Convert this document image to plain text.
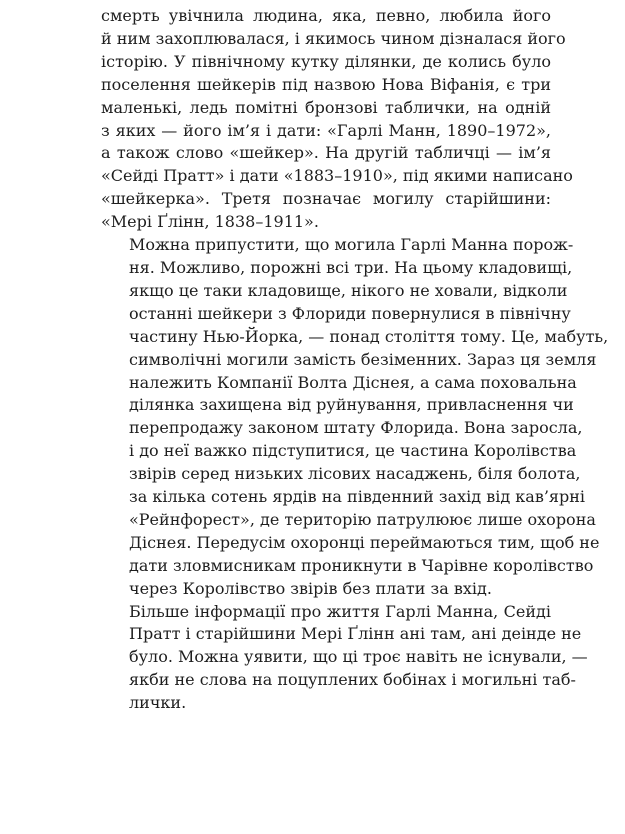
смерть увічнила людина, яка, певно, любила його
й ним захоплювалася, і якимось чином дізналася його
історію. У північному кутку ділянки, де колись було
поселення шейкерів під назвою Нова Віфанія, є три
маленькі, ледь помітні бронзові таблички, на одній
з яких — його ім’я і дати: «Гарлі Манн, 1890–1972»,
а також слово «шейкер». На другій табличці — ім’я
«Сейді Пратт» і дати «1883–1910», під якими написано
«шейкерка». Третя позначає могилу старійшини:
«Мері Ґлінн, 1838–1911».

Можна припустити, що могила Гарлі Манна порож-
ня. Можливо, порожні всі три. На цьому кладовищі,
якщо це таки кладовище, нікого не ховали, відколи
останні шейкери з Флориди повернулися в північну
частину Нью-Йорка, — понад століття тому. Це, мабуть,
символічні могили замість безіменних. Зараз ця земля
належить Компанії Волта Діснея, а сама поховальна
ділянка захищена від руйнування, привласнення чи
перепродажу законом штату Флорида. Вона заросла,
і до неї важко підступитися, це частина Королівства
звірів серед низьких лісових насаджень, біля болота,
за кілька сотень ярдів на південний захід від кав’ярні
«Рейнфорест», де територію патрулюює лише охорона
Діснея. Передусім охоронці переймаються тим, щоб не
дати зловмисникам проникнути в Чарівне королівство
через Королівство звірів без плати за вхід.

Більше інформації про життя Гарлі Манна, Сейді
Пратт і старійшини Мері Ґлінн ані там, ані деінде не
було. Можна уявити, що ці троє навіть не існували, —
якби не слова на поцуплених бобінах і могильні таб-
лички.
